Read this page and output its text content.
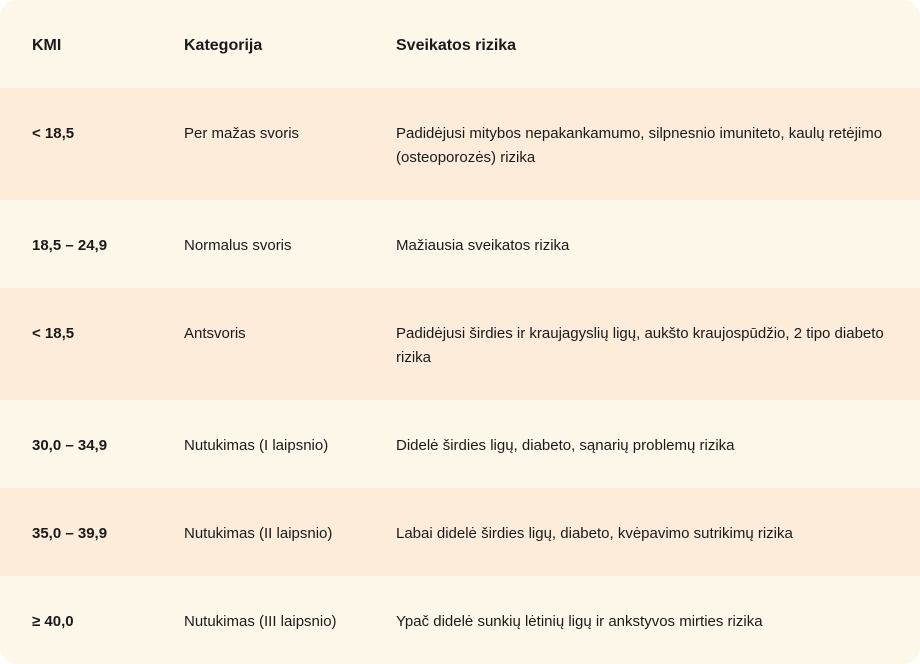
KMI	Kategorija	Sveikatos rizika
< 18,5	Per mažas svoris	Padidėjusi mitybos nepakankamumo, silpnesnio imuniteto, kaulų retėjimo (osteoporozės) rizika
18,5 – 24,9	Normalus svoris	Mažiausia sveikatos rizika
< 18,5	Antsvoris	Padidėjusi širdies ir kraujagyslių ligų, aukšto kraujospūdžio, 2 tipo diabeto rizika
30,0 – 34,9	Nutukimas (I laipsnio)	Didelė širdies ligų, diabeto, sąnarių problemų rizika
35,0 – 39,9	Nutukimas (II laipsnio)	Labai didelė širdies ligų, diabeto, kvėpavimo sutrikimų rizika
≥ 40,0	Nutukimas (III laipsnio)	Ypač didelė sunkių lėtinių ligų ir ankstyvos mirties rizika
